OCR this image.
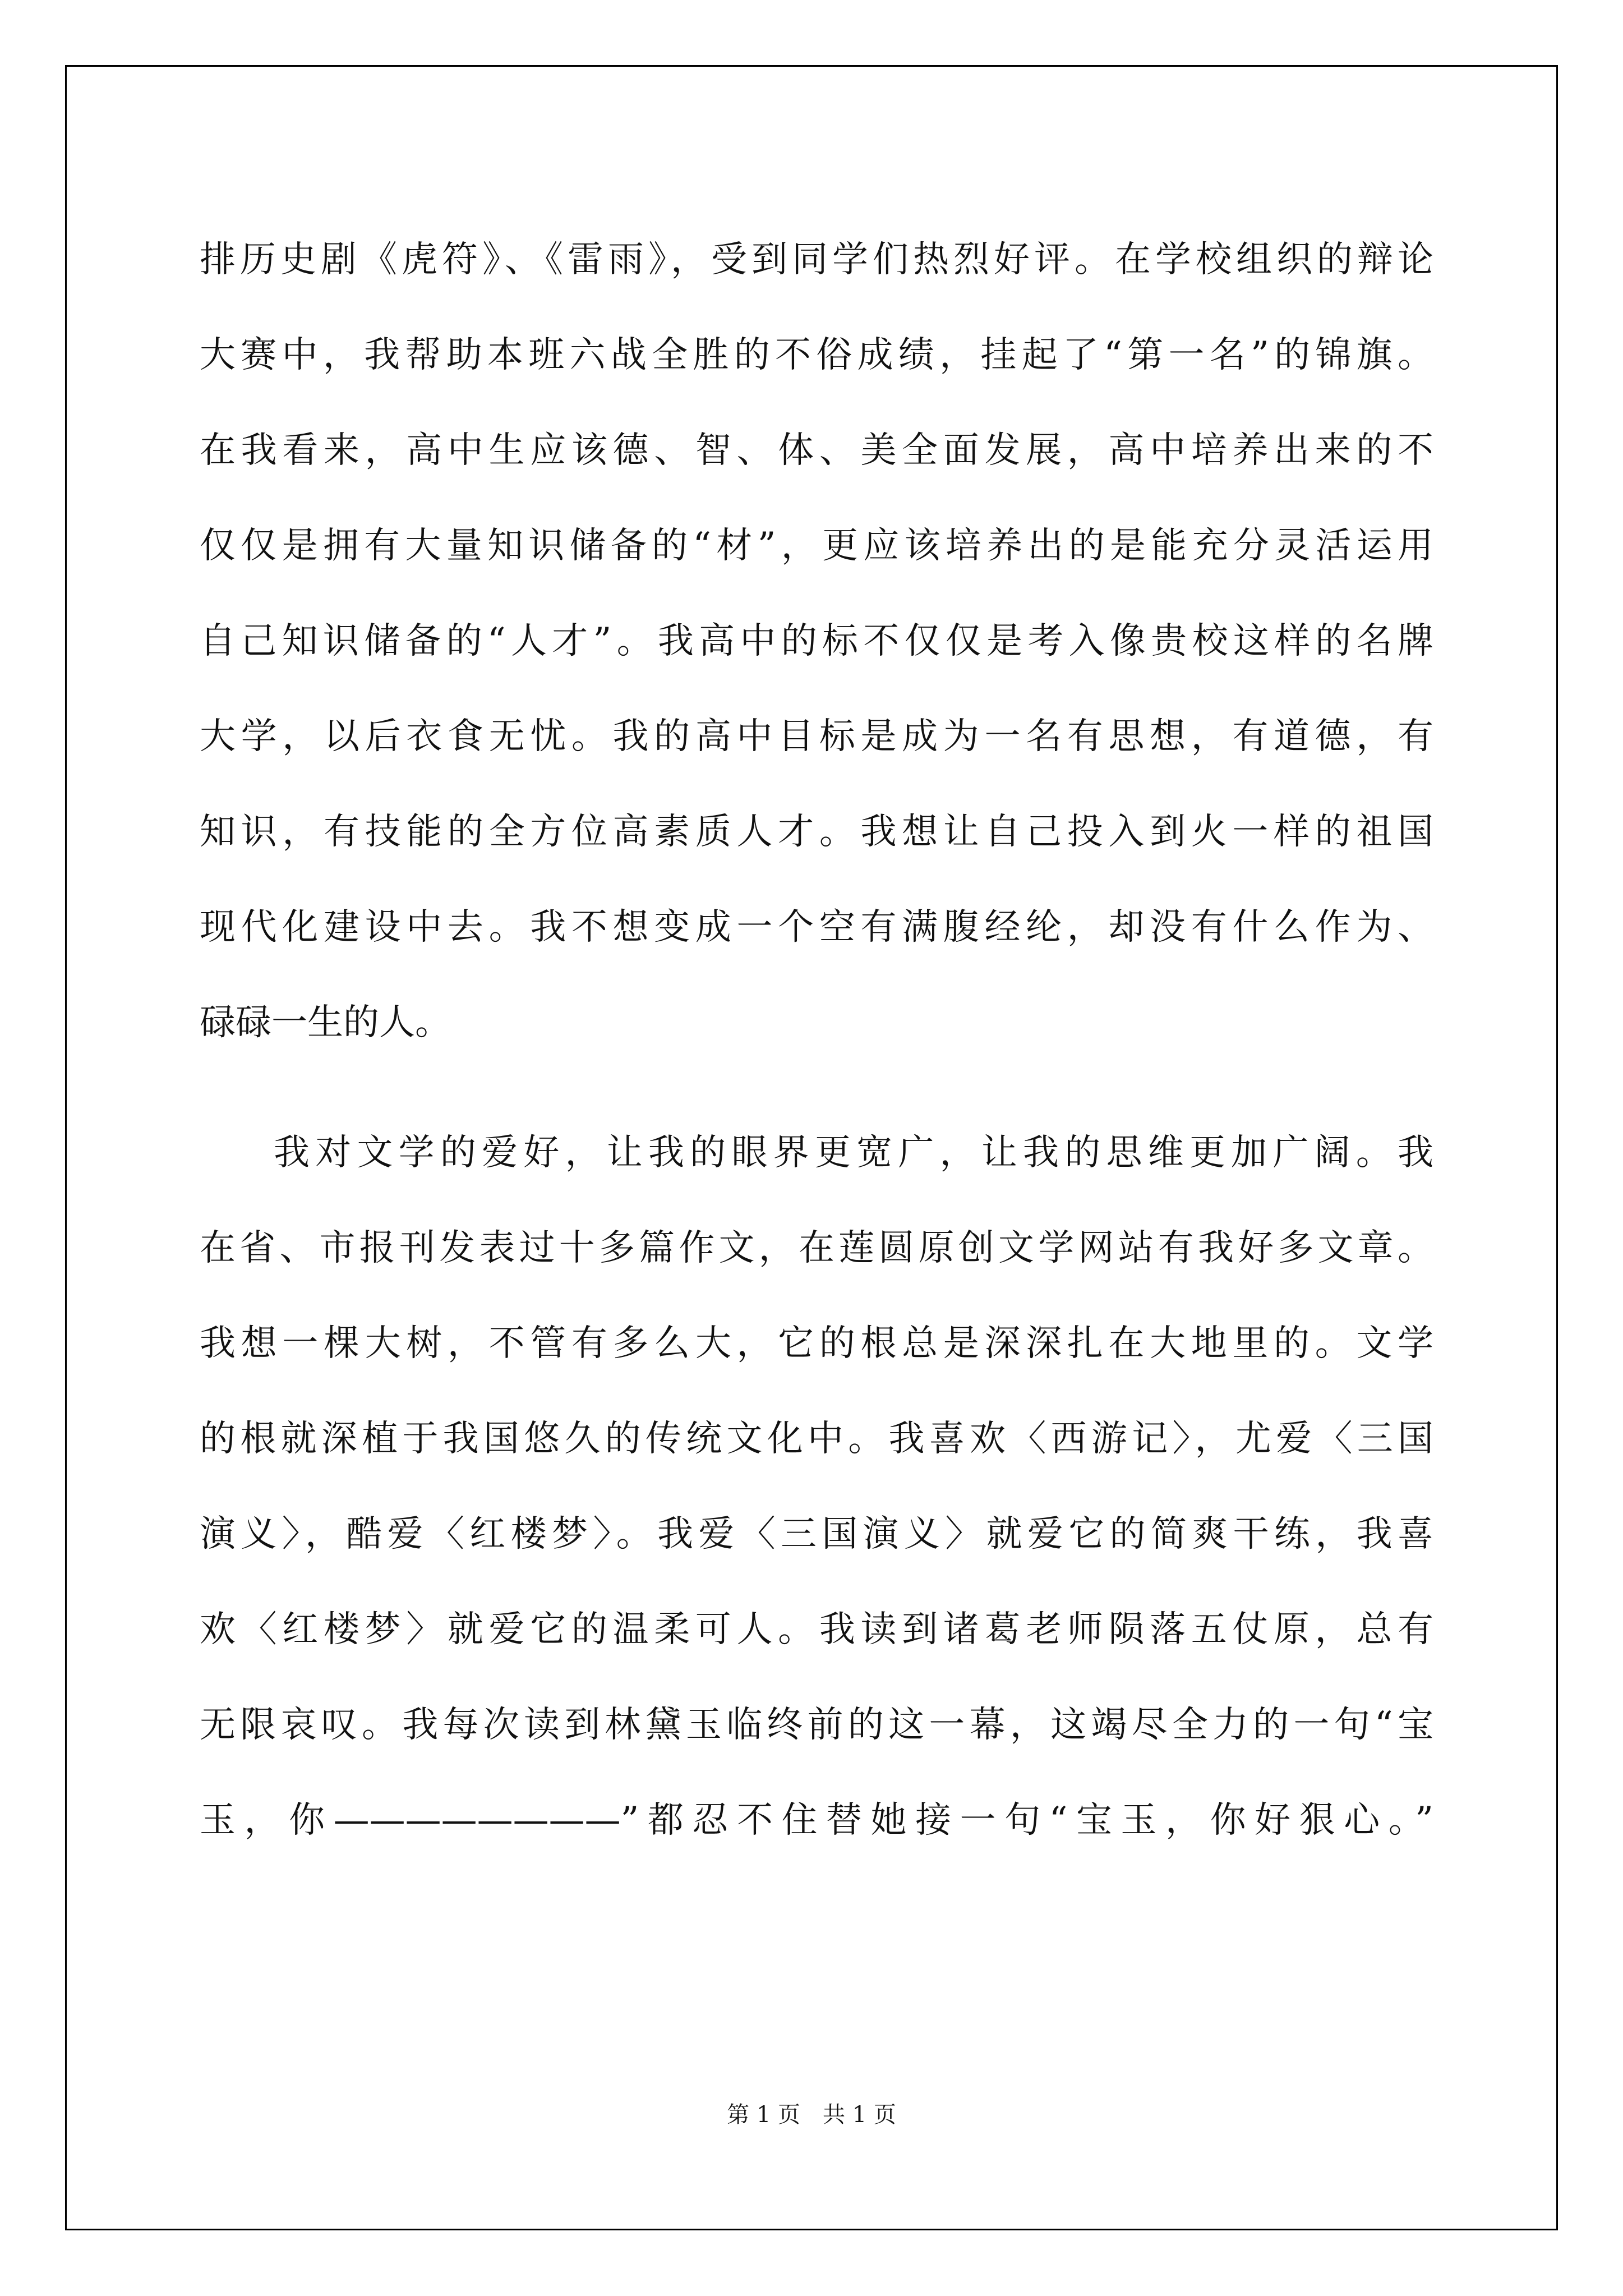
排历史剧《虎符》、《雷雨》，受到同学们热烈好评。在学校组织的辩论
大赛中，我帮助本班六战全胜的不俗成绩，挂起了“第一名”的锦旗。
在我看来，高中生应该德、智、体、美全面发展，高中培养出来的不
仅仅是拥有大量知识储备的“材”，更应该培养出的是能充分灵活运用
自己知识储备的“人才”。我高中的标不仅仅是考入像贵校这样的名牌
大学，以后衣食无忧。我的高中目标是成为一名有思想，有道德，有
知识，有技能的全方位高素质人才。我想让自己投入到火一样的祖国
现代化建设中去。我不想变成一个空有满腹经纶，却没有什么作为、
碌碌一生的人。
我对文学的爱好，让我的眼界更宽广，让我的思维更加广阔。我
在省、市报刊发表过十多篇作文，在莲圆原创文学网站有我好多文章。
我想一棵大树，不管有多么大，它的根总是深深扎在大地里的。文学
的根就深植于我国悠久的传统文化中。我喜欢〈西游记〉，尤爱〈三国
演义〉，酷爱〈红楼梦〉。我爱〈三国演义〉就爱它的简爽干练，我喜
欢〈红楼梦〉就爱它的温柔可人。我读到诸葛老师陨落五仗原，总有
无限哀叹。我每次读到林黛玉临终前的这一幕，这竭尽全力的一句“宝
玉，你————————”都忍不住替她接一句“宝玉，你好狠心。”
第 1 页　共 1 页
